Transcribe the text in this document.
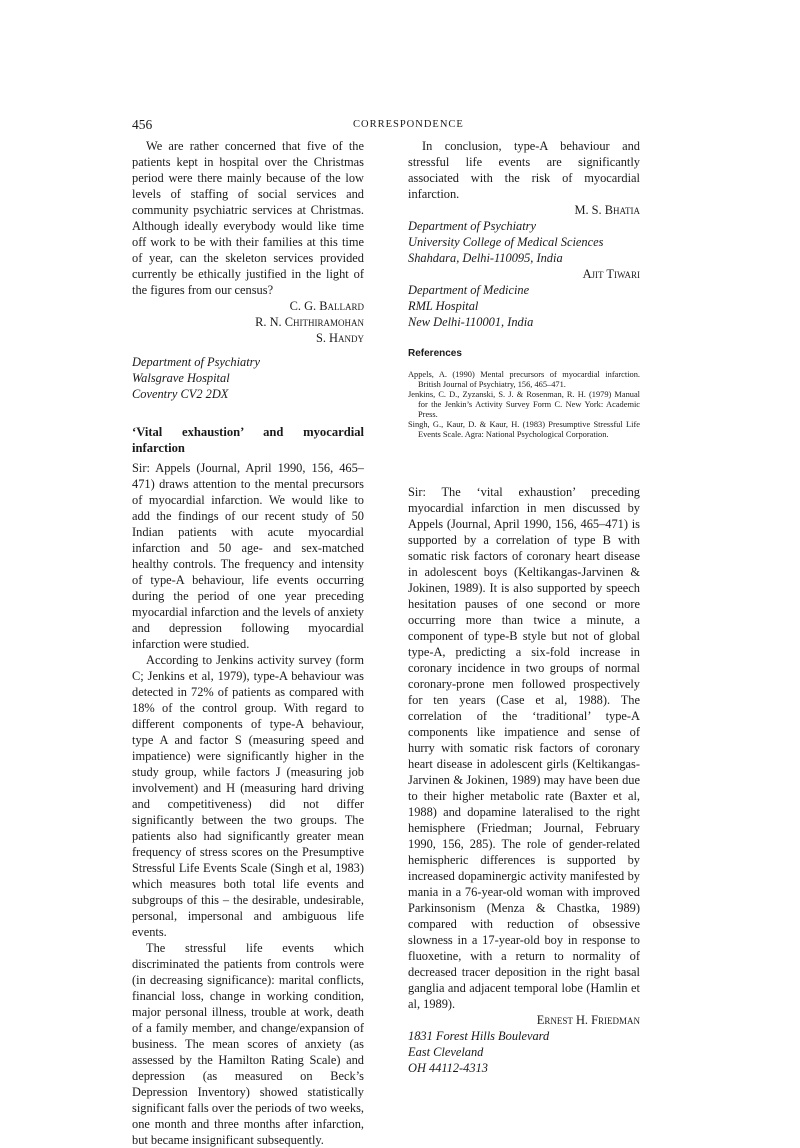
456	CORRESPONDENCE

We are rather concerned that five of the patients kept in hospital over the Christmas period were there mainly because of the low levels of staffing of social services and community psychiatric services at Christmas. Although ideally everybody would like time off work to be with their families at this time of year, can the skeleton services provided currently be ethically justified in the light of the figures from our census?

C. G. Ballard

R. N. Chithiramohan

S. Handy

Department of Psychiatry

Walsgrave Hospital

Coventry CV2 2DX

‘Vital exhaustion’ and myocardial infarction

Sir: Appels (Journal, April 1990, 156, 465–471) draws attention to the mental precursors of myocardial infarction. We would like to add the findings of our recent study of 50 Indian patients with acute myocardial infarction and 50 age- and sex-matched healthy controls. The frequency and intensity of type-A behaviour, life events occurring during the period of one year preceding myocardial infarction and the levels of anxiety and depression following myocardial infarction were studied.

According to Jenkins activity survey (form C; Jenkins et al, 1979), type-A behaviour was detected in 72% of patients as compared with 18% of the control group. With regard to different components of type-A behaviour, type A and factor S (measuring speed and impatience) were significantly higher in the study group, while factors J (measuring job involvement) and H (measuring hard driving and competitiveness) did not differ significantly between the two groups. The patients also had significantly greater mean frequency of stress scores on the Presumptive Stressful Life Events Scale (Singh et al, 1983) which measures both total life events and subgroups of this – the desirable, undesirable, personal, impersonal and ambiguous life events.

The stressful life events which discriminated the patients from controls were (in decreasing significance): marital conflicts, financial loss, change in working condition, major personal illness, trouble at work, death of a family member, and change/expansion of business. The mean scores of anxiety (as assessed by the Hamilton Rating Scale) and depression (as measured on Beck’s Depression Inventory) showed statistically significant falls over the periods of two weeks, one month and three months after infarction, but became insignificant subsequently.

In conclusion, type-A behaviour and stressful life events are significantly associated with the risk of myocardial infarction.

M. S. Bhatia

Department of Psychiatry

University College of Medical Sciences

Shahdara, Delhi-110095, India

Ajit Tiwari

Department of Medicine

RML Hospital

New Delhi-110001, India

References

Appels, A. (1990) Mental precursors of myocardial infarction. British Journal of Psychiatry, 156, 465–471.

Jenkins, C. D., Zyzanski, S. J. & Rosenman, R. H. (1979) Manual for the Jenkin’s Activity Survey Form C. New York: Academic Press.

Singh, G., Kaur, D. & Kaur, H. (1983) Presumptive Stressful Life Events Scale. Agra: National Psychological Corporation.

Sir: The ‘vital exhaustion’ preceding myocardial infarction in men discussed by Appels (Journal, April 1990, 156, 465–471) is supported by a correlation of type B with somatic risk factors of coronary heart disease in adolescent boys (Keltikangas-Jarvinen & Jokinen, 1989). It is also supported by speech hesitation pauses of one second or more occurring more than twice a minute, a component of type-B style but not of global type-A, predicting a six-fold increase in coronary incidence in two groups of normal coronary-prone men followed prospectively for ten years (Case et al, 1988). The correlation of the ‘traditional’ type-A components like impatience and sense of hurry with somatic risk factors of coronary heart disease in adolescent girls (Keltikangas-Jarvinen & Jokinen, 1989) may have been due to their higher metabolic rate (Baxter et al, 1988) and dopamine lateralised to the right hemisphere (Friedman; Journal, February 1990, 156, 285). The role of gender-related hemispheric differences is supported by increased dopaminergic activity manifested by mania in a 76-year-old woman with improved Parkinsonism (Menza & Chastka, 1989) compared with reduction of obsessive slowness in a 17-year-old boy in response to fluoxetine, with a return to normality of decreased tracer deposition in the right basal ganglia and adjacent temporal lobe (Hamlin et al, 1989).

Ernest H. Friedman

1831 Forest Hills Boulevard

East Cleveland

OH 44112-4313
